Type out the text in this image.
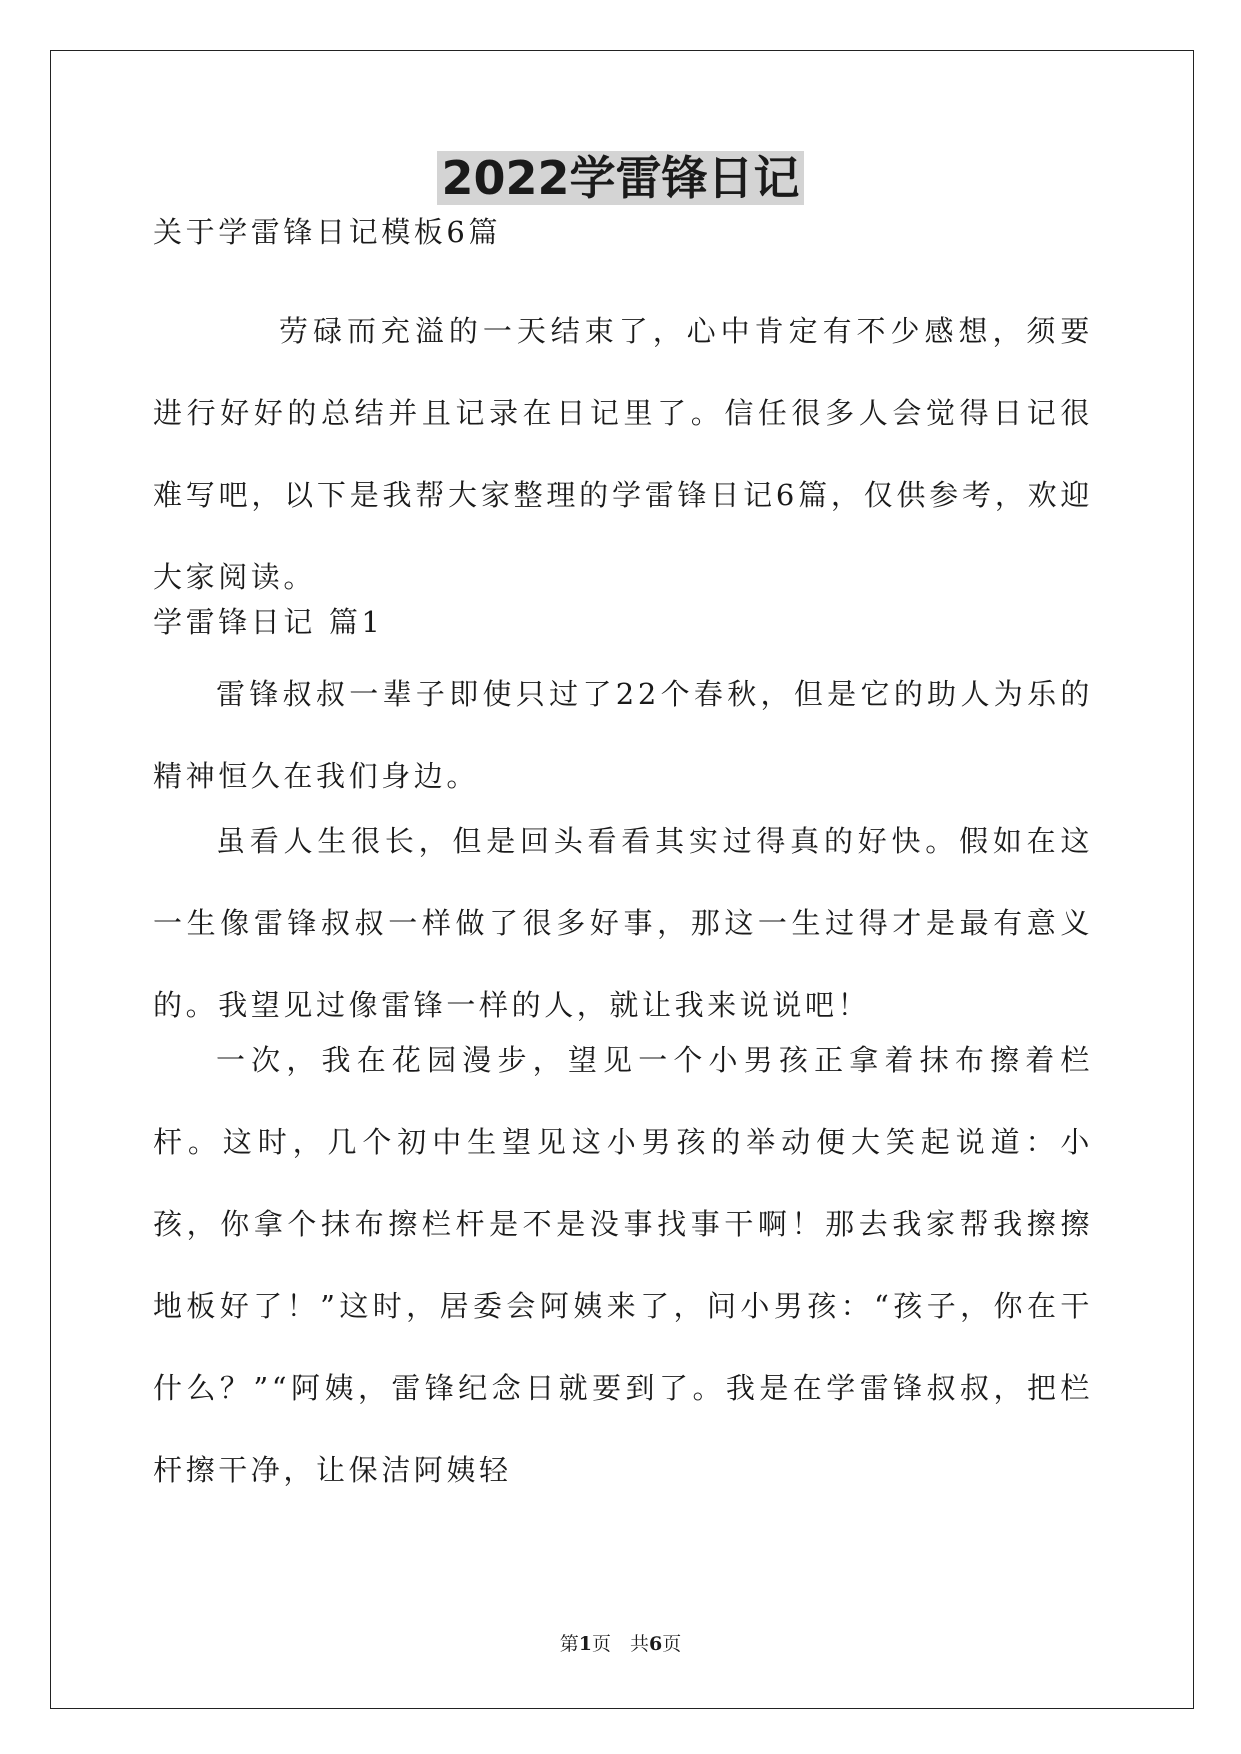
2022学雷锋日记

关于学雷锋日记模板6篇

劳碌而充溢的一天结束了，心中肯定有不少感想，须要进行好好的总结并且记录在日记里了。信任很多人会觉得日记很难写吧，以下是我帮大家整理的学雷锋日记6篇，仅供参考，欢迎大家阅读。

学雷锋日记 篇1

雷锋叔叔一辈子即使只过了22个春秋，但是它的助人为乐的精神恒久在我们身边。

虽看人生很长，但是回头看看其实过得真的好快。假如在这一生像雷锋叔叔一样做了很多好事，那这一生过得才是最有意义的。我望见过像雷锋一样的人，就让我来说说吧！

一次，我在花园漫步，望见一个小男孩正拿着抹布擦着栏杆。这时，几个初中生望见这小男孩的举动便大笑起说道：小孩，你拿个抹布擦栏杆是不是没事找事干啊！那去我家帮我擦擦地板好了！”这时，居委会阿姨来了，问小男孩：“孩子，你在干什么？”“阿姨，雷锋纪念日就要到了。我是在学雷锋叔叔，把栏杆擦干净，让保洁阿姨轻

第1页　共6页
